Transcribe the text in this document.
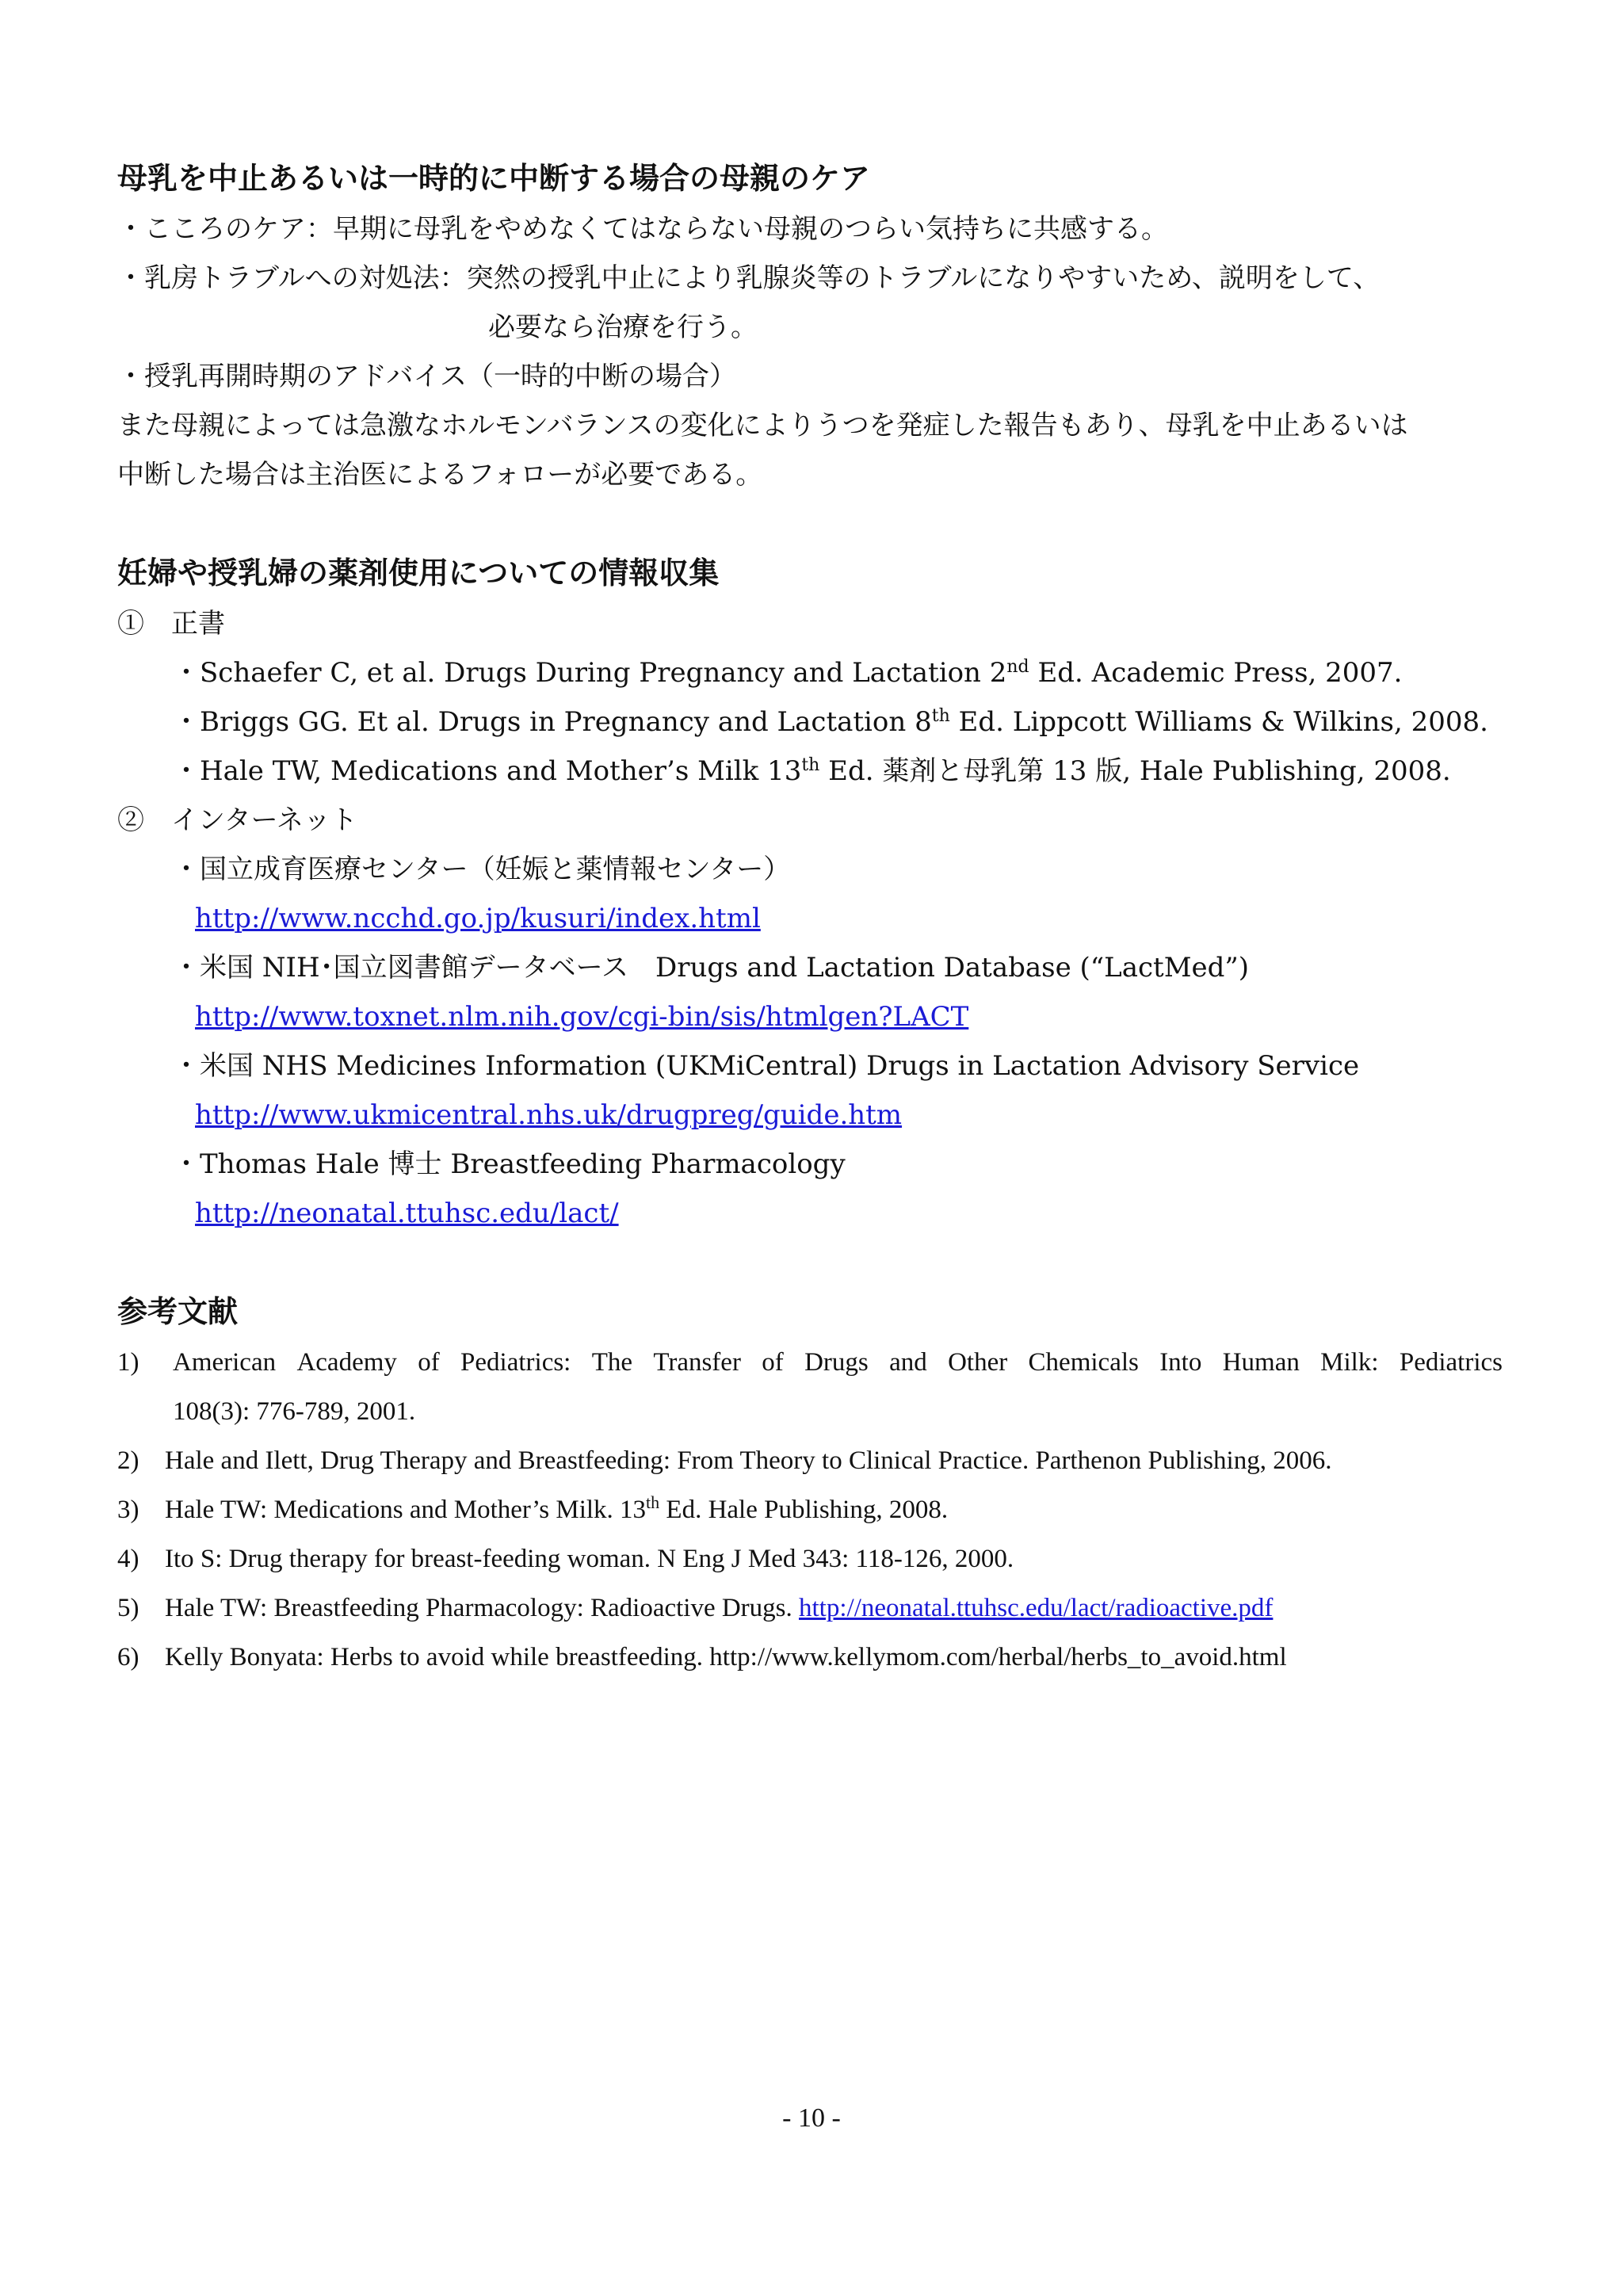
母乳を中止あるいは一時的に中断する場合の母親のケア
・こころのケア：早期に母乳をやめなくてはならない母親のつらい気持ちに共感する。
・乳房トラブルへの対処法：突然の授乳中止により乳腺炎等のトラブルになりやすいため、説明をして、
必要なら治療を行う。
・授乳再開時期のアドバイス（一時的中断の場合）
また母親によっては急激なホルモンバランスの変化によりうつを発症した報告もあり、母乳を中止あるいは
中断した場合は主治医によるフォローが必要である。
妊婦や授乳婦の薬剤使用についての情報収集
①　正書
・Schaefer C, et al. Drugs During Pregnancy and Lactation 2nd Ed. Academic Press, 2007.
・Briggs GG. Et al. Drugs in Pregnancy and Lactation 8th Ed. Lippcott Williams & Wilkins, 2008.
・Hale TW, Medications and Mother’s Milk 13th Ed. 薬剤と母乳第 13 版, Hale Publishing, 2008.
②　インターネット
・国立成育医療センター（妊娠と薬情報センター）
http://www.ncchd.go.jp/kusuri/index.html
・米国 NIH･国立図書館データベース　Drugs and Lactation Database (“LactMed”)
http://www.toxnet.nlm.nih.gov/cgi-bin/sis/htmlgen?LACT
・米国 NHS Medicines Information (UKMiCentral) Drugs in Lactation Advisory Service
http://www.ukmicentral.nhs.uk/drugpreg/guide.htm
・Thomas Hale 博士 Breastfeeding Pharmacology
http://neonatal.ttuhsc.edu/lact/
参考文献
1) American Academy of Pediatrics: The Transfer of Drugs and Other Chemicals Into Human Milk: Pediatrics
108(3): 776-789, 2001.
2) Hale and Ilett, Drug Therapy and Breastfeeding: From Theory to Clinical Practice. Parthenon Publishing, 2006.
3) Hale TW: Medications and Mother’s Milk. 13th Ed. Hale Publishing, 2008.
4) Ito S: Drug therapy for breast-feeding woman. N Eng J Med 343: 118-126, 2000.
5) Hale TW: Breastfeeding Pharmacology: Radioactive Drugs. http://neonatal.ttuhsc.edu/lact/radioactive.pdf
6) Kelly Bonyata: Herbs to avoid while breastfeeding. http://www.kellymom.com/herbal/herbs_to_avoid.html
- 10 -
